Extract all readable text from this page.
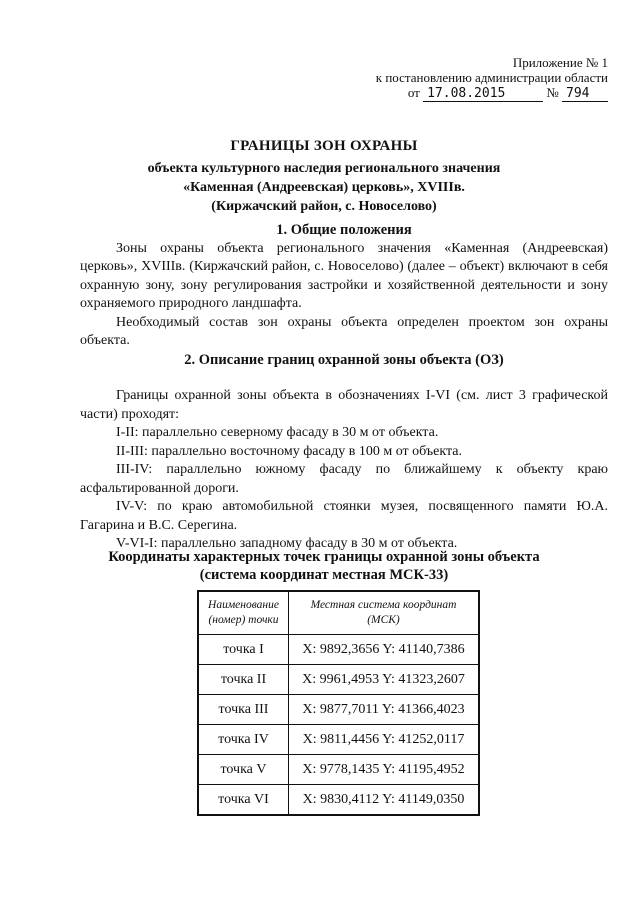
Приложение № 1
к постановлению администрации области
от 17.08.2015	№ 794
ГРАНИЦЫ ЗОН ОХРАНЫ
объекта культурного наследия регионального значения
«Каменная (Андреевская) церковь», XVIIIв.
(Киржачский район, с. Новоселово)

1. Общие положения

Зоны охраны объекта регионального значения «Каменная (Андреевская) церковь», XVIIIв. (Киржачский район, с. Новоселово) (далее – объект) включают в себя охранную зону, зону регулирования застройки и хозяйственной деятельности и зону охраняемого природного ландшафта.

Необходимый состав зон охраны объекта определен проектом зон охраны объекта.

2. Описание границ охранной зоны объекта (ОЗ)

Границы охранной зоны объекта в обозначениях I-VI (см. лист 3 графической части) проходят:

I-II: параллельно северному фасаду в 30 м от объекта.

II-III: параллельно восточному фасаду в 100 м от объекта.

III-IV: параллельно южному фасаду по ближайшему к объекту краю асфальтированной дороги.

IV-V: по краю автомобильной стоянки музея, посвященного памяти Ю.А. Гагарина и В.С. Серегина.

V-VI-I: параллельно западному фасаду в 30 м от объекта.

Координаты характерных точек границы охранной зоны объекта
(система координат местная МСК-33)
Наименование (номер) точки	Местная система координат (МСК)
точка I	X: 9892,3656 Y: 41140,7386
точка II	X: 9961,4953 Y: 41323,2607
точка III	X: 9877,7011 Y: 41366,4023
точка IV	X: 9811,4456 Y: 41252,0117
точка V	X: 9778,1435 Y: 41195,4952
точка VI	X: 9830,4112 Y: 41149,0350
